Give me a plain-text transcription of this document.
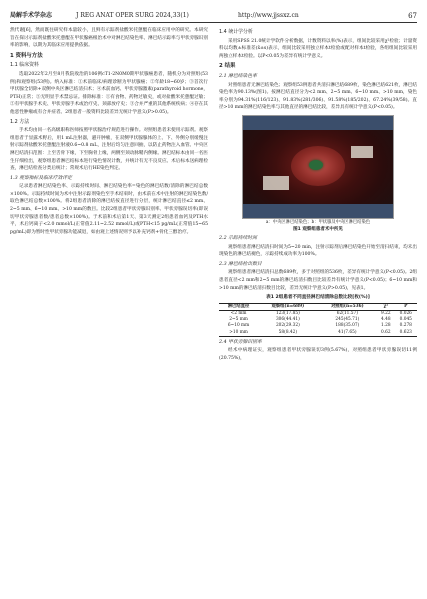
局解手术学杂志	J REG ANAT OPER SURG 2024,33(1)	http://www.jjssxz.cn	67

然代谢[6]，然而既往研究样本量较小，且鲜有示踪剂盐酸米托蒽醌在临床应用中的研究。本研究旨在探讨示踪剂盐酸米托蒽醌在甲状腺癌根治术中对淋巴结染色率、淋巴结示踪率与甲状旁腺识别率的影响，以期为其临床应用提供依据。

1 资料与方法
1.1 临床资料

选取2022年2月至8月我院收治的106例cT1-2N0M0期甲状腺癌患者，随机分为对照组(53例)和观察组(53例)。纳入标准：①术前临床/病理诊断为甲状腺癌；②年龄18~60岁；③首次行甲状腺全切除+双侧中央区淋巴结清扫术；④术前血钙、甲状旁腺激素(parathyroid hormone，PTH)正常；⑤无明显手术禁忌证。排除标准：①有食物、药物过敏史，或对盐酸米托蒽醌过敏；②有甲状腺手术史、甲状旁腺手术或治疗史、颈部放疗史；③合并严重的其他系统疾病；④存在其他恶性肿瘤或有合并症者。2组患者一般资料比较差异无统计学意义(P>0.05)。

1.2 方法

手术均由同一名高级职称医师按照甲状腺治疗规范进行操作。对照组患者未使用示踪剂。观察组患者于显露术野后，用1 mL注射器，避开肿瘤，在双侧甲状腺腺体的上、下、外侧分别缓慢注射示踪剂盐酸米托蒽醌注射液0.6~0.8 mL，注射后均匀注意回抽，以防止药物注入血管。中央区淋巴结清扫范围：上至舌骨下缘，下至胸骨上缘，两侧至颈动脉鞘内侧缘。淋巴结标本由同一名医生仔细检出，观察组患者淋巴结标本进行染色情况计数，并统计有无不良反应。术后标本送病理检查，淋巴结检查分类后统计；常规术后行HE染色判定。

1.3 观察指标及临床疗效评定

记录患者淋巴结染色率、示踪持续时间、淋巴结染色率=染色的淋巴结数/清除的淋巴结总数×100%。示踪持续时间为术中注射示踪剂染色至手术结束时，由术前在术中注射的淋巴结染色数/取色淋巴结总数×100%。将2组患者清除的淋巴结按直径进行分层，统计淋巴结直径≤2 mm、2~5 mm、6~10 mm、>10 mm的数目。比较2组患者甲状旁腺识别率、甲状旁腺误切率(即误切甲状旁腺患者数/患者总数×100%)。于术前和术后第1天、第3天测定2组患者血钙及PTH水平，术后钙离子<2.0 mmol/L(正常值2.11~2.52 mmol/L)或PTH<15 pg/mL(正常值15~65 pg/mL)即为暂时性甲状旁腺功能减退，如由观上述情况则予以补充钙剂+骨化三醇治疗。

1.4 统计学分析

采用SPSS 21.0统计学软件分析数据，计数资料以率(%)表示，组间比较采用χ²检验；计量资料以均数±标准差(x̄±s)表示，组间比较采用独立样本t检验或配对样本t检验，各组组间比较采用两独立样本t检验。以P<0.05为差异有统计学意义。

2 结果
2.1 淋巴结染色率

对照组患者无淋巴结染色；观察组53例患者共清扫淋巴结689枚，染色淋巴结621枚，淋巴结染色率为90.13%(图1)。按淋巴结直径分为<2 mm、2~5 mm、6~10 mm、>10 mm，染色率分别为94.31%(116/123)、91.83%(281/306)、91.58%(185/202)、67.24%(39/58)。直径>10 mm的淋巴结染色率与其他直径的淋巴结比较，差异具有统计学意义(P<0.05)。

a：中央区淋巴结染色；b：甲状腺及中央区淋巴结染色
图1 观察组患者术中所见
2.2 示踪持续时间

观察组患者淋巴结清扫时间为5~20 min，注射示踪剂后淋巴结染色开始至清扫结束，均未出现染色的淋巴结褪色，示踪持续成功率为100%。

2.3 淋巴结检出数目

观察组患者淋巴结清扫总数689枚，多于对照组的536枚，差异有统计学意义(P<0.05)。2组患者直径<2 mm和2~5 mm的淋巴结清扫数目比较差异有统计学意义(P<0.05)；6~10 mm和>10 mm的淋巴结清扫数目比较，差异无统计学意义(P>0.05)，见表1。

表1 2组患者不同直径淋巴结清除总数比较[枚(%)]
淋巴结直径	观察组(n=689)	对照组(n=536)	χ²	P
<2 mm	123(17.85)	62(11.57)	9.22	0.026
2~5 mm	306(44.41)	245(45.71)	4.48	0.045
6~10 mm	202(29.32)	188(35.07)	1.28	0.278
>10 mm	58(8.42)	41(7.65)	0.62	0.623
2.4 甲状旁腺识别率

经术中病理证实，观察组患者甲状旁腺误切3例(5.67%)，对照组患者甲状旁腺误切11例(20.75%)，
